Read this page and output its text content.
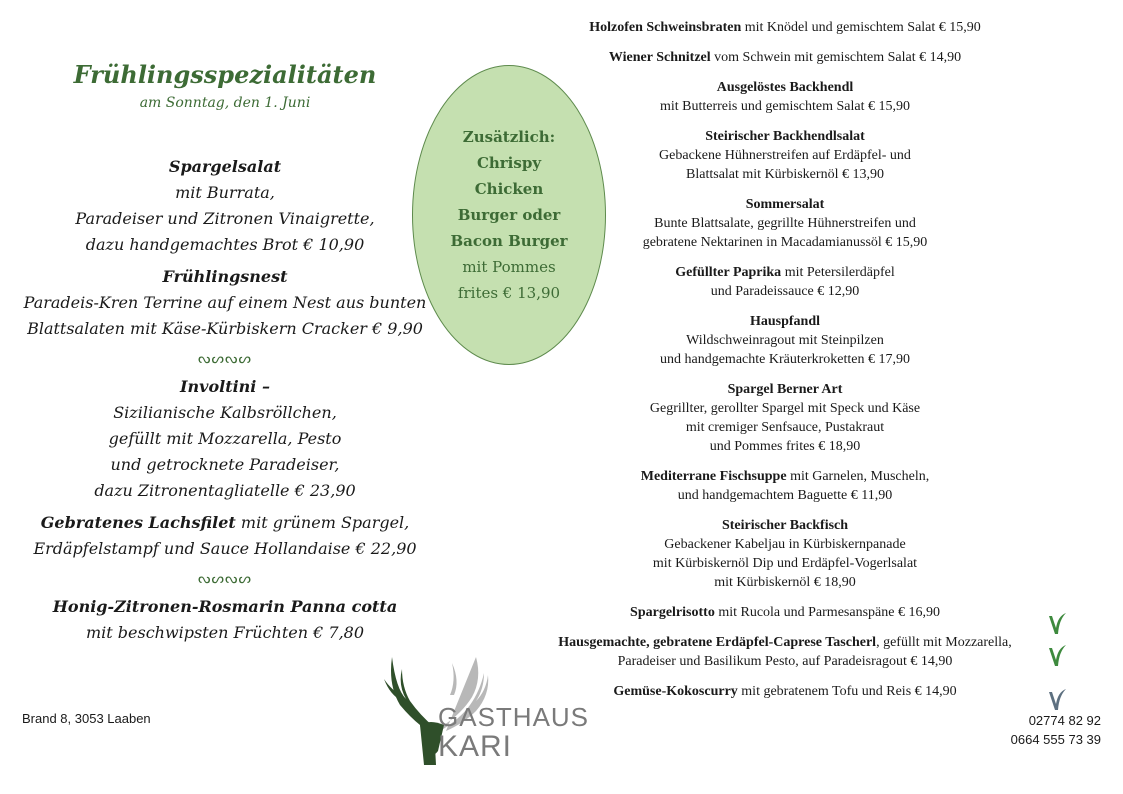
Frühlingsspezialitäten

am Sonntag, den 1. Juni

Spargelsalat
mit Burrata,
Paradeiser und Zitronen Vinaigrette,
dazu handgemachtes Brot € 10,90
Frühlingsnest
Paradeis-Kren Terrine auf einem Nest aus bunten
Blattsalaten mit Käse-Kürbiskern Cracker € 9,90
ᔓᔕᔓᔕ
Involtini –
Sizilianische Kalbsröllchen,
gefüllt mit Mozzarella, Pesto
und getrocknete Paradeiser,
dazu Zitronentagliatelle € 23,90
Gebratenes Lachsfilet mit grünem Spargel,
Erdäpfelstampf und Sauce Hollandaise € 22,90
ᔓᔕᔓᔕ
Honig-Zitronen-Rosmarin Panna cotta
mit beschwipsten Früchten € 7,80
Zusätzlich:
Chrispy
Chicken
Burger oder
Bacon Burger
mit Pommes
frites € 13,90

Holzofen Schweinsbraten mit Knödel und gemischtem Salat € 15,90

Wiener Schnitzel vom Schwein mit gemischtem Salat € 14,90

Ausgelöstes Backhendl

mit Butterreis und gemischtem Salat € 15,90

Steirischer Backhendlsalat

Gebackene Hühnerstreifen auf Erdäpfel- und

Blattsalat mit Kürbiskernöl € 13,90

Sommersalat

Bunte Blattsalate, gegrillte Hühnerstreifen und

gebratene Nektarinen in Macadamianussöl € 15,90

Gefüllter Paprika mit Petersilerdäpfel

und Paradeissauce € 12,90

Hauspfandl

Wildschweinragout mit Steinpilzen

und handgemachte Kräuterkroketten € 17,90

Spargel Berner Art

Gegrillter, gerollter Spargel mit Speck und Käse

mit cremiger Senfsauce, Pustakraut

und Pommes frites € 18,90

Mediterrane Fischsuppe mit Garnelen, Muscheln,

und handgemachtem Baguette € 11,90

Steirischer Backfisch

Gebackener Kabeljau in Kürbiskernpanade

mit Kürbiskernöl Dip und Erdäpfel-Vogerlsalat

mit Kürbiskernöl € 18,90

Spargelrisotto mit Rucola und Parmesanspäne € 16,90

Hausgemachte, gebratene Erdäpfel-Caprese Tascherl, gefüllt mit Mozzarella,

Paradeiser und Basilikum Pesto, auf Paradeisragout € 14,90

Gemüse-Kokoscurry mit gebratenem Tofu und Reis € 14,90

Brand 8, 3053 Laaben	02774 82 92
0664 555 73 39
GASTHAUS
KARI
